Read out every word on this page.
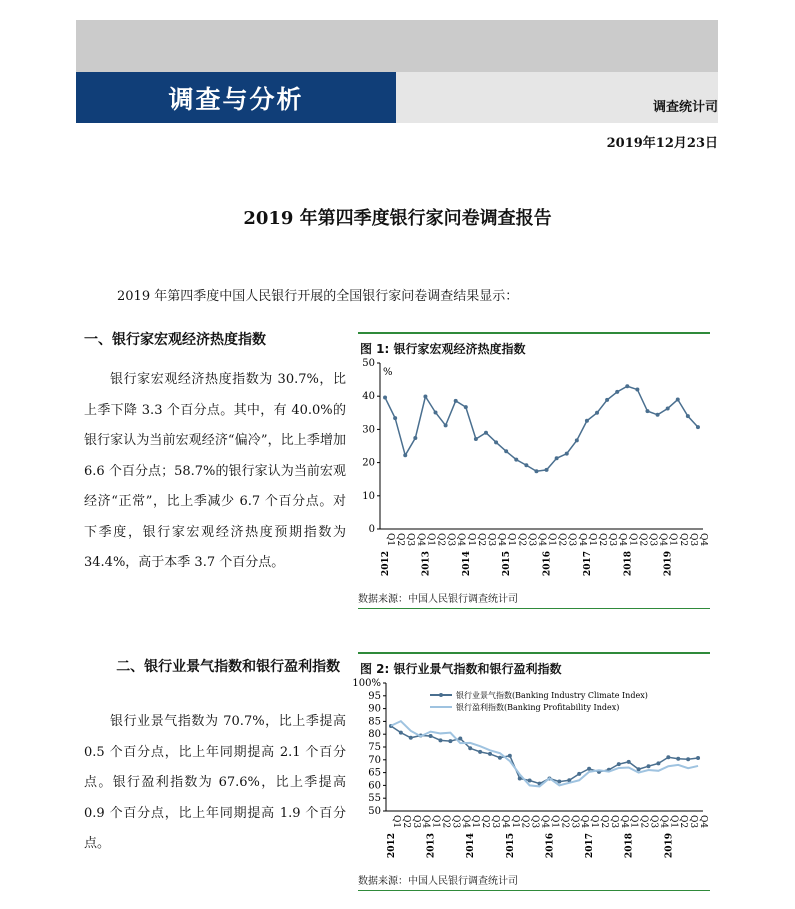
调查与分析	调查统计司
2019年12月23日
2019 年第四季度银行家问卷调查报告
2019 年第四季度中国人民银行开展的全国银行家问卷调查结果显示：
一、银行家宏观经济热度指数
银行家宏观经济热度指数为 30.7%，比上季下降 3.3 个百分点。其中，有 40.0%的银行家认为当前宏观经济“偏冷”，比上季增加 6.6 个百分点；58.7%的银行家认为当前宏观经济“正常”，比上季减少 6.7 个百分点。对下季度，银行家宏观经济热度预期指数为 34.4%，高于本季 3.7 个百分点。
二、银行业景气指数和银行盈利指数
银行业景气指数为 70.7%，比上季提高 0.5 个百分点，比上年同期提高 2.1 个百分点。银行盈利指数为 67.6%，比上季提高 0.9 个百分点，比上年同期提高 1.9 个百分点。
图 1: 银行家宏观经济热度指数
0
10
20
30
40
50
%
Q1
2012
Q2 Q3 Q4 Q1
2013
Q2 Q3 Q4 Q1
2014
Q2 Q3 Q4 Q1
2015
Q2 Q3 Q4 Q1
2016
Q2 Q3 Q4 Q1
2017
Q2 Q3 Q4 Q1
2018
Q2 Q3 Q4 Q1
2019
Q2 Q3 Q4
数据来源：中国人民银行调查统计司
图 2: 银行业景气指数和银行盈利指数
50
55
60
65
70
75
80
85
90
95
100%
Q1
2012
Q2 Q3 Q4 Q1
2013
Q2 Q3 Q4 Q1
2014
Q2 Q3 Q4 Q1
2015
Q2 Q3 Q4 Q1
2016
Q2 Q3 Q4 Q1
2017
Q2 Q3 Q4 Q1
2018
Q2 Q3 Q4 Q1
2019
Q2 Q3 Q4
银行业景气指数(Banking Industry Climate Index)
银行盈利指数(Banking Profitability Index)
数据来源：中国人民银行调查统计司
